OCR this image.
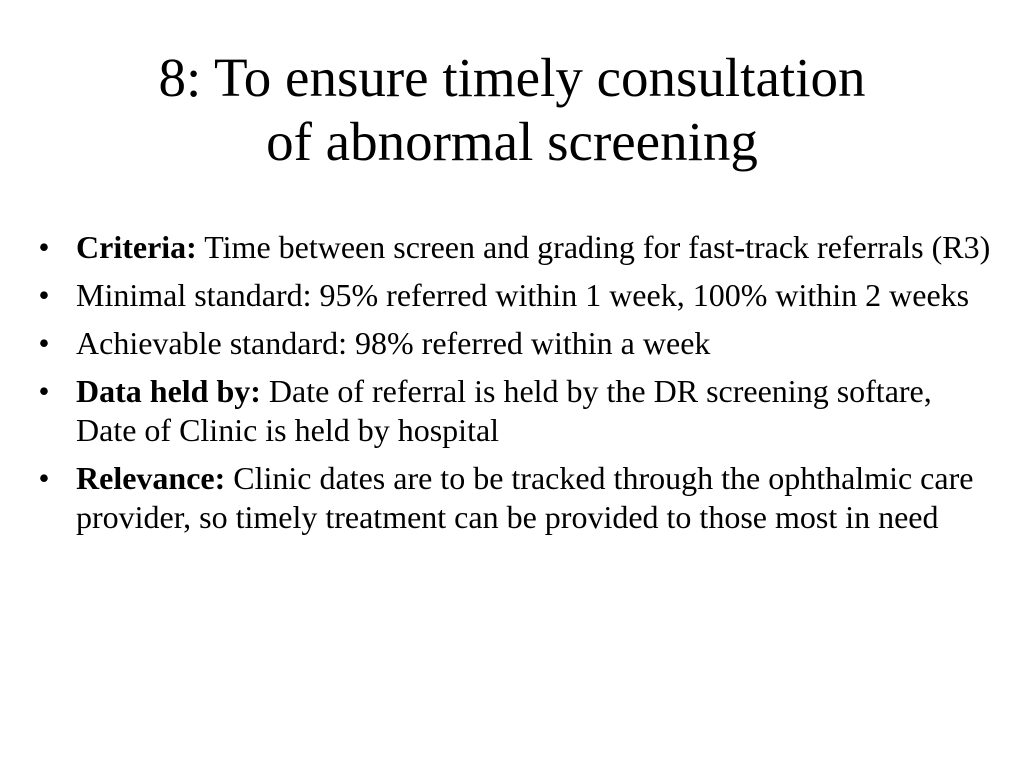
8: To ensure timely consultation
of abnormal screening
•
Criteria: Time between screen and grading for fast-track referrals (R3)
•
Minimal standard: 95% referred within 1 week, 100% within 2 weeks
•
Achievable standard: 98% referred within a week
•
Data held by: Date of referral is held by the DR screening softare, Date of Clinic is held by hospital
•
Relevance: Clinic dates are to be tracked through the ophthalmic care provider, so timely treatment can be provided to those most in need
